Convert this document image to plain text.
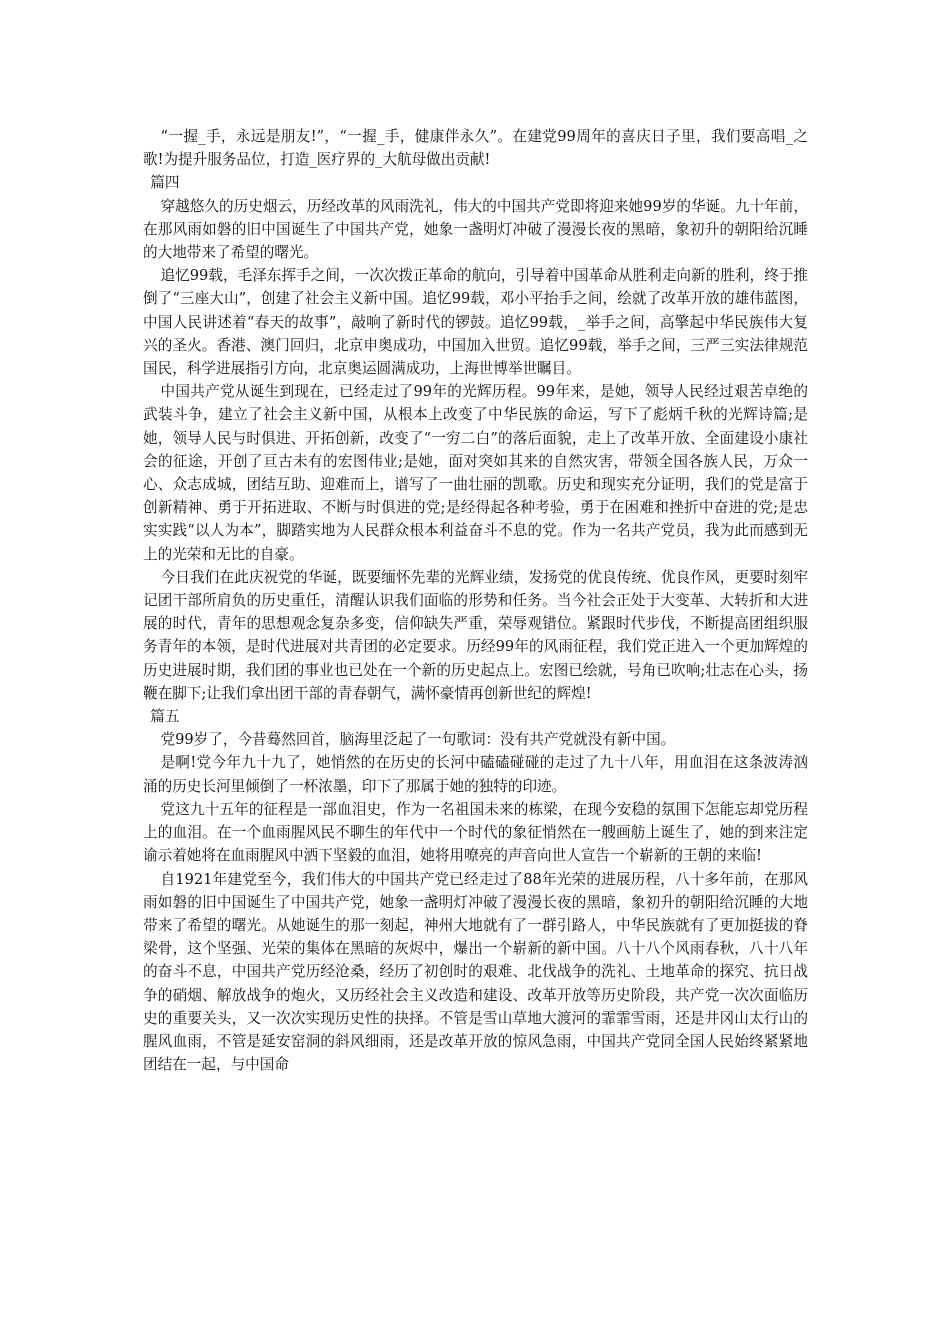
“一握_手，永远是朋友!”，“一握_手，健康伴永久”。在建党99周年的喜庆日子里，我们要高唱_之歌!为提升服务品位，打造_医疗界的_大航母做出贡献!

篇四

穿越悠久的历史烟云，历经改革的风雨洗礼，伟大的中国共产党即将迎来她99岁的华诞。九十年前，在那风雨如磐的旧中国诞生了中国共产党，她象一盏明灯冲破了漫漫长夜的黑暗，象初升的朝阳给沉睡的大地带来了希望的曙光。

追忆99载，毛泽东挥手之间，一次次拨正革命的航向，引导着中国革命从胜利走向新的胜利，终于推倒了“三座大山”，创建了社会主义新中国。追忆99载，邓小平抬手之间，绘就了改革开放的雄伟蓝图，中国人民讲述着“春天的故事”，敲响了新时代的锣鼓。追忆99载，_举手之间，高擎起中华民族伟大复兴的圣火。香港、澳门回归，北京申奥成功，中国加入世贸。追忆99载，举手之间，三严三实法律规范国民，科学进展指引方向，北京奥运圆满成功，上海世博举世瞩目。

中国共产党从诞生到现在，已经走过了99年的光辉历程。99年来，是她，领导人民经过艰苦卓绝的武装斗争，建立了社会主义新中国，从根本上改变了中华民族的命运，写下了彪炳千秋的光辉诗篇;是她，领导人民与时俱进、开拓创新，改变了“一穷二白”的落后面貌，走上了改革开放、全面建设小康社会的征途，开创了亘古未有的宏图伟业;是她，面对突如其来的自然灾害，带领全国各族人民，万众一心、众志成城，团结互助、迎难而上，谱写了一曲壮丽的凯歌。历史和现实充分证明，我们的党是富于创新精神、勇于开拓进取、不断与时俱进的党;是经得起各种考验，勇于在困难和挫折中奋进的党;是忠实实践“以人为本”，脚踏实地为人民群众根本利益奋斗不息的党。作为一名共产党员，我为此而感到无上的光荣和无比的自豪。

今日我们在此庆祝党的华诞，既要缅怀先辈的光辉业绩，发扬党的优良传统、优良作风，更要时刻牢记团干部所肩负的历史重任，清醒认识我们面临的形势和任务。当今社会正处于大变革、大转折和大进展的时代，青年的思想观念复杂多变，信仰缺失严重，荣辱观错位。紧跟时代步伐，不断提高团组织服务青年的本领，是时代进展对共青团的必定要求。历经99年的风雨征程，我们党正进入一个更加辉煌的历史进展时期，我们团的事业也已处在一个新的历史起点上。宏图已绘就，号角已吹响;壮志在心头，扬鞭在脚下;让我们拿出团干部的青春朝气，满怀豪情再创新世纪的辉煌!

篇五

党99岁了，今昔蓦然回首，脑海里泛起了一句歌词：没有共产党就没有新中国。

是啊!党今年九十九了，她悄然的在历史的长河中磕磕碰碰的走过了九十八年，用血泪在这条波涛汹涌的历史长河里倾倒了一杯浓墨，印下了那属于她的独特的印迹。

党这九十五年的征程是一部血泪史，作为一名祖国未来的栋梁，在现今安稳的氛围下怎能忘却党历程上的血泪。在一个血雨腥风民不聊生的年代中一个时代的象征悄然在一艘画舫上诞生了，她的到来注定谕示着她将在血雨腥风中洒下坚毅的血泪，她将用嘹亮的声音向世人宣告一个崭新的王朝的来临!

自1921年建党至今，我们伟大的中国共产党已经走过了88年光荣的进展历程，八十多年前，在那风雨如磐的旧中国诞生了中国共产党，她象一盏明灯冲破了漫漫长夜的黑暗，象初升的朝阳给沉睡的大地带来了希望的曙光。从她诞生的那一刻起，神州大地就有了一群引路人，中华民族就有了更加挺拔的脊梁骨，这个坚强、光荣的集体在黑暗的灰烬中，爆出一个崭新的新中国。八十八个风雨春秋，八十八年的奋斗不息，中国共产党历经沧桑，经历了初创时的艰难、北伐战争的洗礼、土地革命的探究、抗日战争的硝烟、解放战争的炮火，又历经社会主义改造和建设、改革开放等历史阶段，共产党一次次面临历史的重要关头，又一次次实现历史性的抉择。不管是雪山草地大渡河的霏霏雪雨，还是井冈山太行山的腥风血雨，不管是延安窑洞的斜风细雨，还是改革开放的惊风急雨，中国共产党同全国人民始终紧紧地团结在一起，与中国命
